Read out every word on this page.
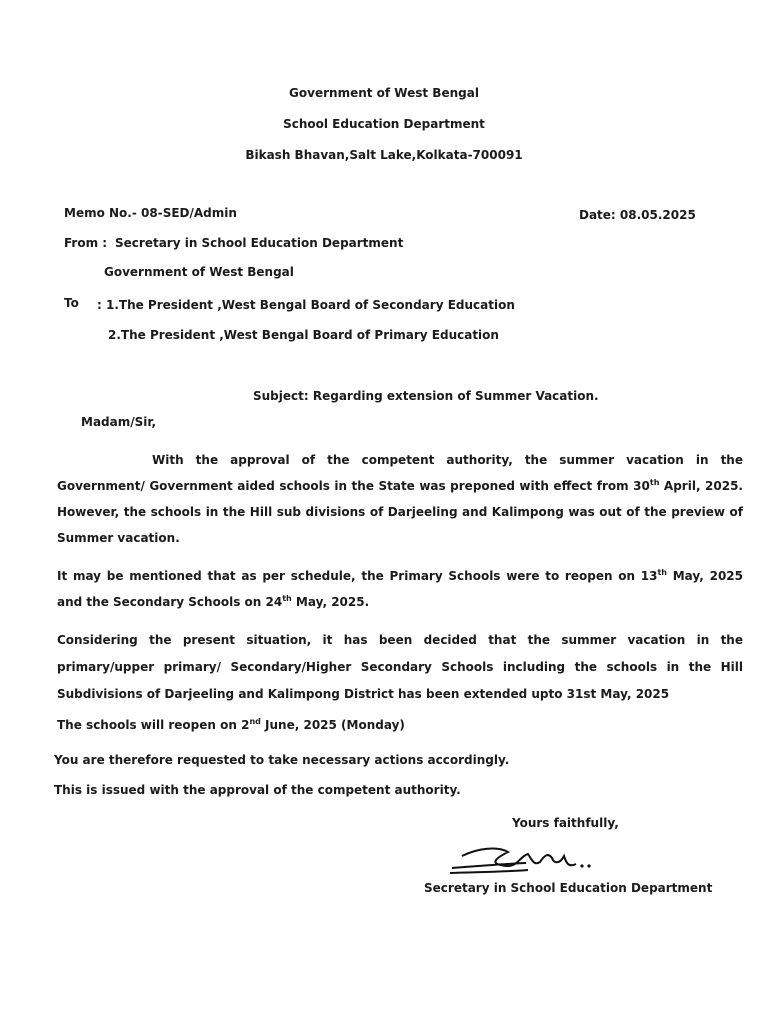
Government of West Bengal
School Education Department
Bikash Bhavan,Salt Lake,Kolkata-700091
Memo No.- 08-SED/Admin	Date: 08.05.2025
From : Secretary in School Education Department
Government of West Bengal
To : 1.The President ,West Bengal Board of Secondary Education
2.The President ,West Bengal Board of Primary Education
Subject: Regarding extension of Summer Vacation.
Madam/Sir,

With the approval of the competent authority, the summer vacation in the Government/ Government aided schools in the State was preponed with effect from 30th April, 2025. However, the schools in the Hill sub divisions of Darjeeling and Kalimpong was out of the preview of Summer vacation.

It may be mentioned that as per schedule, the Primary Schools were to reopen on 13th May, 2025 and the Secondary Schools on 24th May, 2025.

Considering the present situation, it has been decided that the summer vacation in the primary/upper primary/ Secondary/Higher Secondary Schools including the schools in the Hill Subdivisions of Darjeeling and Kalimpong District has been extended upto 31st May, 2025

The schools will reopen on 2nd June, 2025 (Monday)
You are therefore requested to take necessary actions accordingly.
This is issued with the approval of the competent authority.
Yours faithfully,
Secretary in School Education Department
